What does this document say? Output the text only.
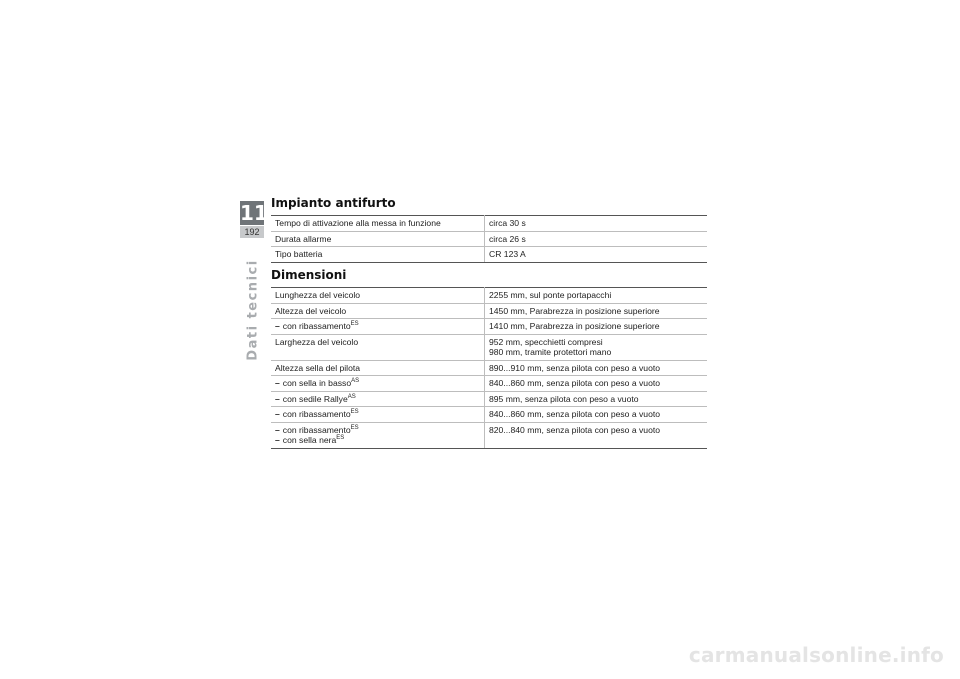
11
192
Dati tecnici
Impianto antifurto
Tempo di attivazione alla messa in funzione	circa 30 s
Durata allarme	circa 26 s
Tipo batteria	CR 123 A
Dimensioni
Lunghezza del veicolo	2255 mm, sul ponte portapacchi
Altezza del veicolo	1450 mm, Parabrezza in posizione superiore
– con ribassamento$^{ES}$	1410 mm, Parabrezza in posizione superiore
Larghezza del veicolo	952 mm, specchietti compresi
980 mm, tramite protettori mano

Altezza sella del pilota	890...910 mm, senza pilota con peso a vuoto
– con sella in basso$^{AS}$	840...860 mm, senza pilota con peso a vuoto
– con sedile Rallye$^{AS}$	895 mm, senza pilota con peso a vuoto
– con ribassamento$^{ES}$	840...860 mm, senza pilota con peso a vuoto

– con ribassamento$^{ES}$
– con sella nera$^{ES}$	820...840 mm, senza pilota con peso a vuoto
carmanualsonline.info
